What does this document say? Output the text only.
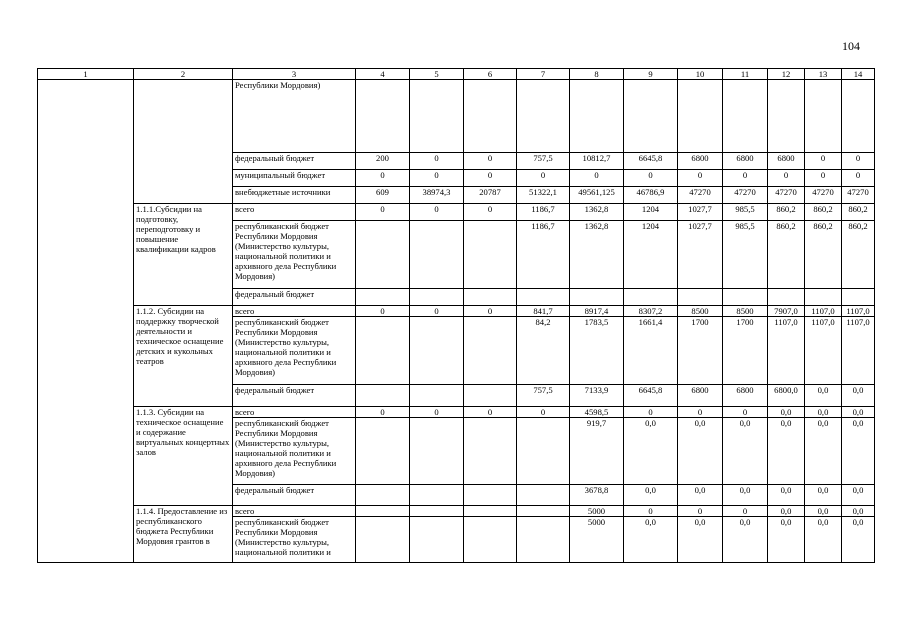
104
1	2	3	4	5	6	7	8	9	10	11	12	13	14
		Республики Мордовия)											
		федеральный бюджет	200	0	0	757,5	10812,7	6645,8	6800	6800	6800	0	0
		муниципальный бюджет	0	0	0	0	0	0	0	0	0	0	0
		внебюджетные источники	609	38974,3	20787	51322,1	49561,125	46786,9	47270	47270	47270	47270	47270
	1.1.1.Субсидии на подготовку, переподготовку и повышение квалификации кадров	всего	0	0	0	1186,7	1362,8	1204	1027,7	985,5	860,2	860,2	860,2
		республиканский бюджет Республики Мордовия (Министерство культуры, национальной политики и архивного дела Республики Мордовия)				1186,7	1362,8	1204	1027,7	985,5	860,2	860,2	860,2
		федеральный бюджет											
	1.1.2. Субсидии на поддержку творческой деятельности и техническое оснащение детских и кукольных театров	всего	0	0	0	841,7	8917,4	8307,2	8500	8500	7907,0	1107,0	1107,0
		республиканский бюджет Республики Мордовия (Министерство культуры, национальной политики и архивного дела Республики Мордовия)				84,2	1783,5	1661,4	1700	1700	1107,0	1107,0	1107,0
		федеральный бюджет				757,5	7133,9	6645,8	6800	6800	6800,0	0,0	0,0
	1.1.3. Субсидии на техническое оснащение и содержание виртуальных концертных залов	всего	0	0	0	0	4598,5	0	0	0	0,0	0,0	0,0
		республиканский бюджет Республики Мордовия (Министерство культуры, национальной политики и архивного дела Республики Мордовия)					919,7	0,0	0,0	0,0	0,0	0,0	0,0
		федеральный бюджет					3678,8	0,0	0,0	0,0	0,0	0,0	0,0
	1.1.4. Предоставление из республиканского бюджета Республики Мордовия грантов в	всего					5000	0	0	0	0,0	0,0	0,0
		республиканский бюджет Республики Мордовия (Министерство культуры, национальной политики и					5000	0,0	0,0	0,0	0,0	0,0	0,0
